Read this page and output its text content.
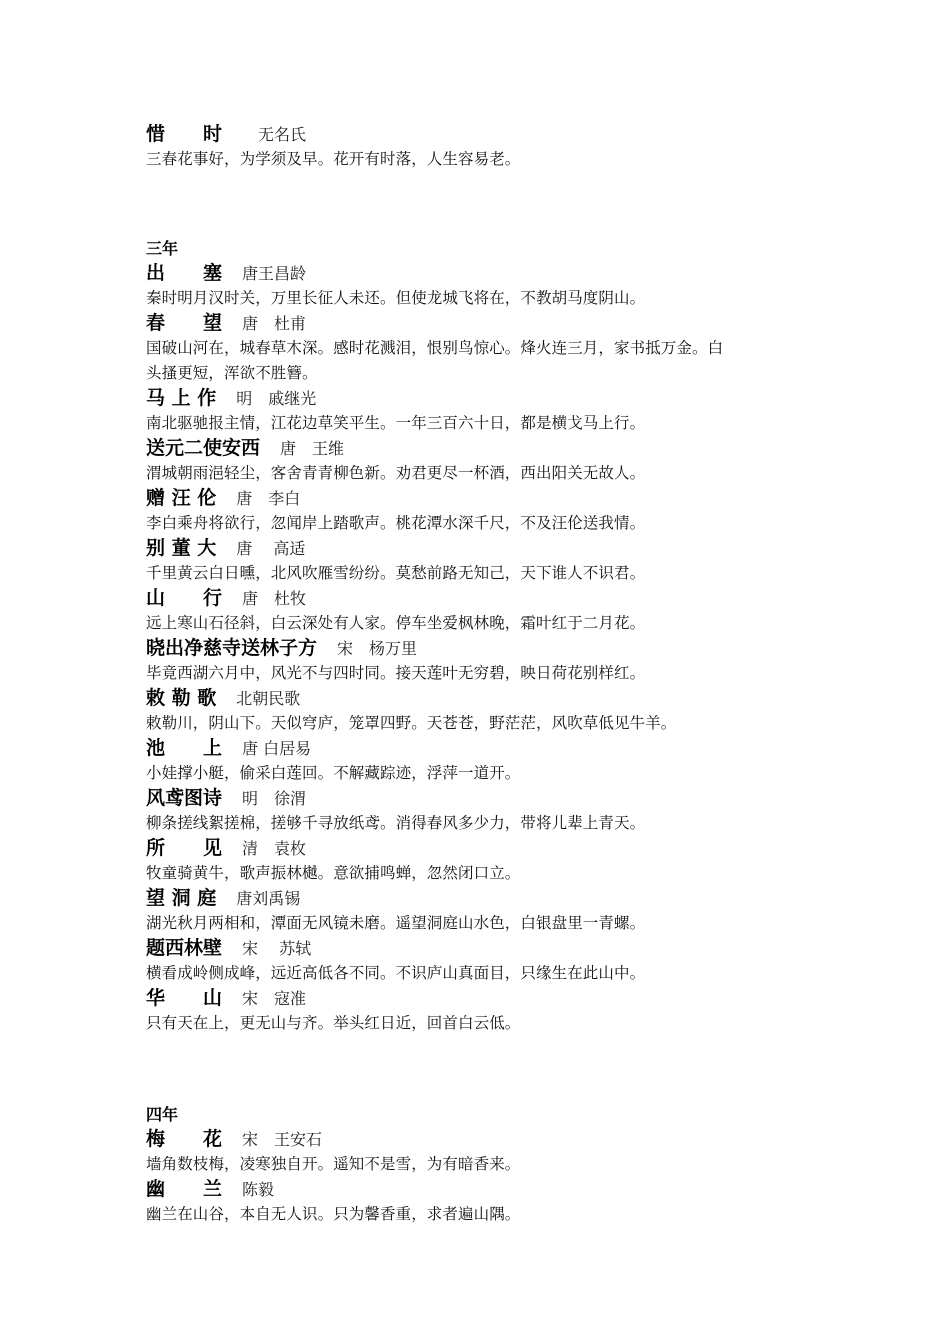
惜　　时 无名氏
三春花事好，为学须及早。花开有时落，人生容易老。
三年
出　　塞 唐王昌龄
秦时明月汉时关，万里长征人未还。但使龙城飞将在，不教胡马度阴山。
春　　望 唐　杜甫
国破山河在，城春草木深。感时花溅泪，恨别鸟惊心。烽火连三月，家书抵万金。白
头搔更短，浑欲不胜簪。
马 上 作 明　戚继光
南北驱驰报主情，江花边草笑平生。一年三百六十日，都是横戈马上行。
送元二使安西 唐　王维
渭城朝雨浥轻尘，客舍青青柳色新。劝君更尽一杯酒，西出阳关无故人。
赠 汪 伦 唐　李白
李白乘舟将欲行，忽闻岸上踏歌声。桃花潭水深千尺，不及汪伦送我情。
别 董 大 唐　 高适
千里黄云白日曛，北风吹雁雪纷纷。莫愁前路无知己，天下谁人不识君。
山　　行 唐　杜牧
远上寒山石径斜，白云深处有人家。停车坐爱枫林晚，霜叶红于二月花。
晓出净慈寺送林子方 宋　杨万里
毕竟西湖六月中，风光不与四时同。接天莲叶无穷碧，映日荷花别样红。
敕 勒 歌 北朝民歌
敕勒川，阴山下。天似穹庐，笼罩四野。天苍苍，野茫茫，风吹草低见牛羊。
池　　上 唐 白居易
小娃撑小艇，偷采白莲回。不解藏踪迹，浮萍一道开。
风鸢图诗 明　徐渭
柳条搓线絮搓棉，搓够千寻放纸鸢。消得春风多少力，带将儿辈上青天。
所　　见 清　袁枚
牧童骑黄牛，歌声振林樾。意欲捕鸣蝉，忽然闭口立。
望 洞 庭 唐刘禹锡
湖光秋月两相和，潭面无风镜未磨。遥望洞庭山水色，白银盘里一青螺。
题西林壁 宋　 苏轼
横看成岭侧成峰，远近高低各不同。不识庐山真面目，只缘生在此山中。
华　　山 宋　寇准
只有天在上，更无山与齐。举头红日近，回首白云低。
四年
梅　　花 宋　王安石
墙角数枝梅，凌寒独自开。遥知不是雪，为有暗香来。
幽　　兰 陈毅
幽兰在山谷，本自无人识。只为馨香重，求者遍山隅。
